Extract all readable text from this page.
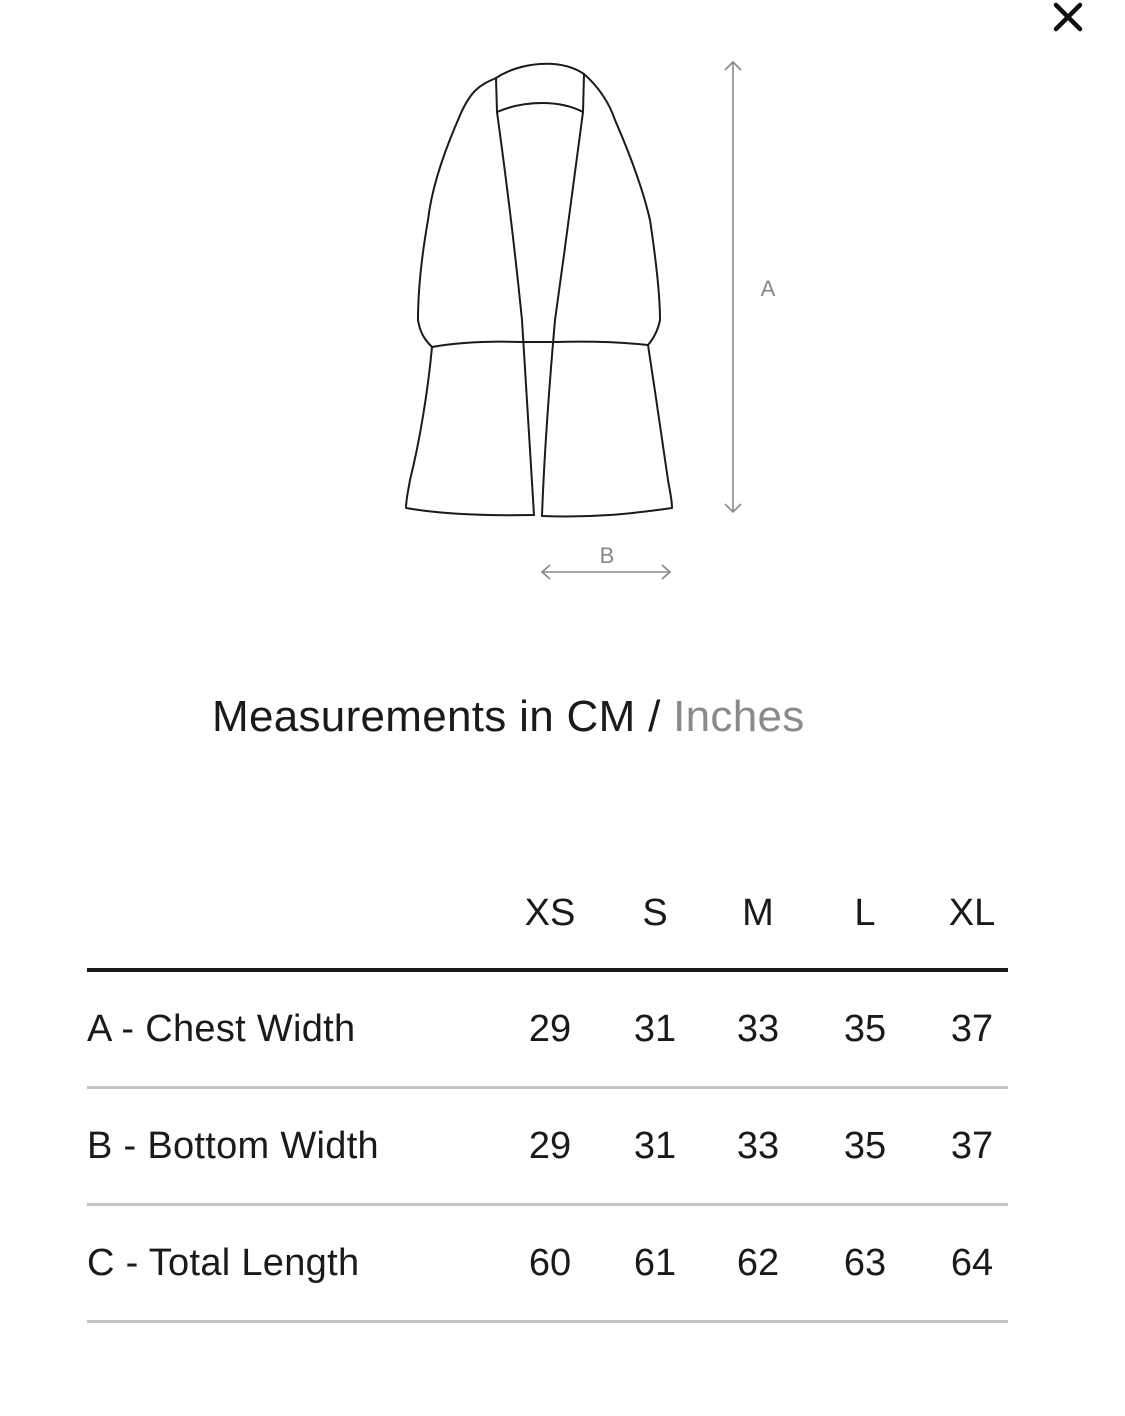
A
B
Measurements in CM / Inches
XS	S	M	L	XL
A - Chest Width	29	31	33	35	37
B - Bottom Width	29	31	33	35	37
C - Total Length	60	61	62	63	64
